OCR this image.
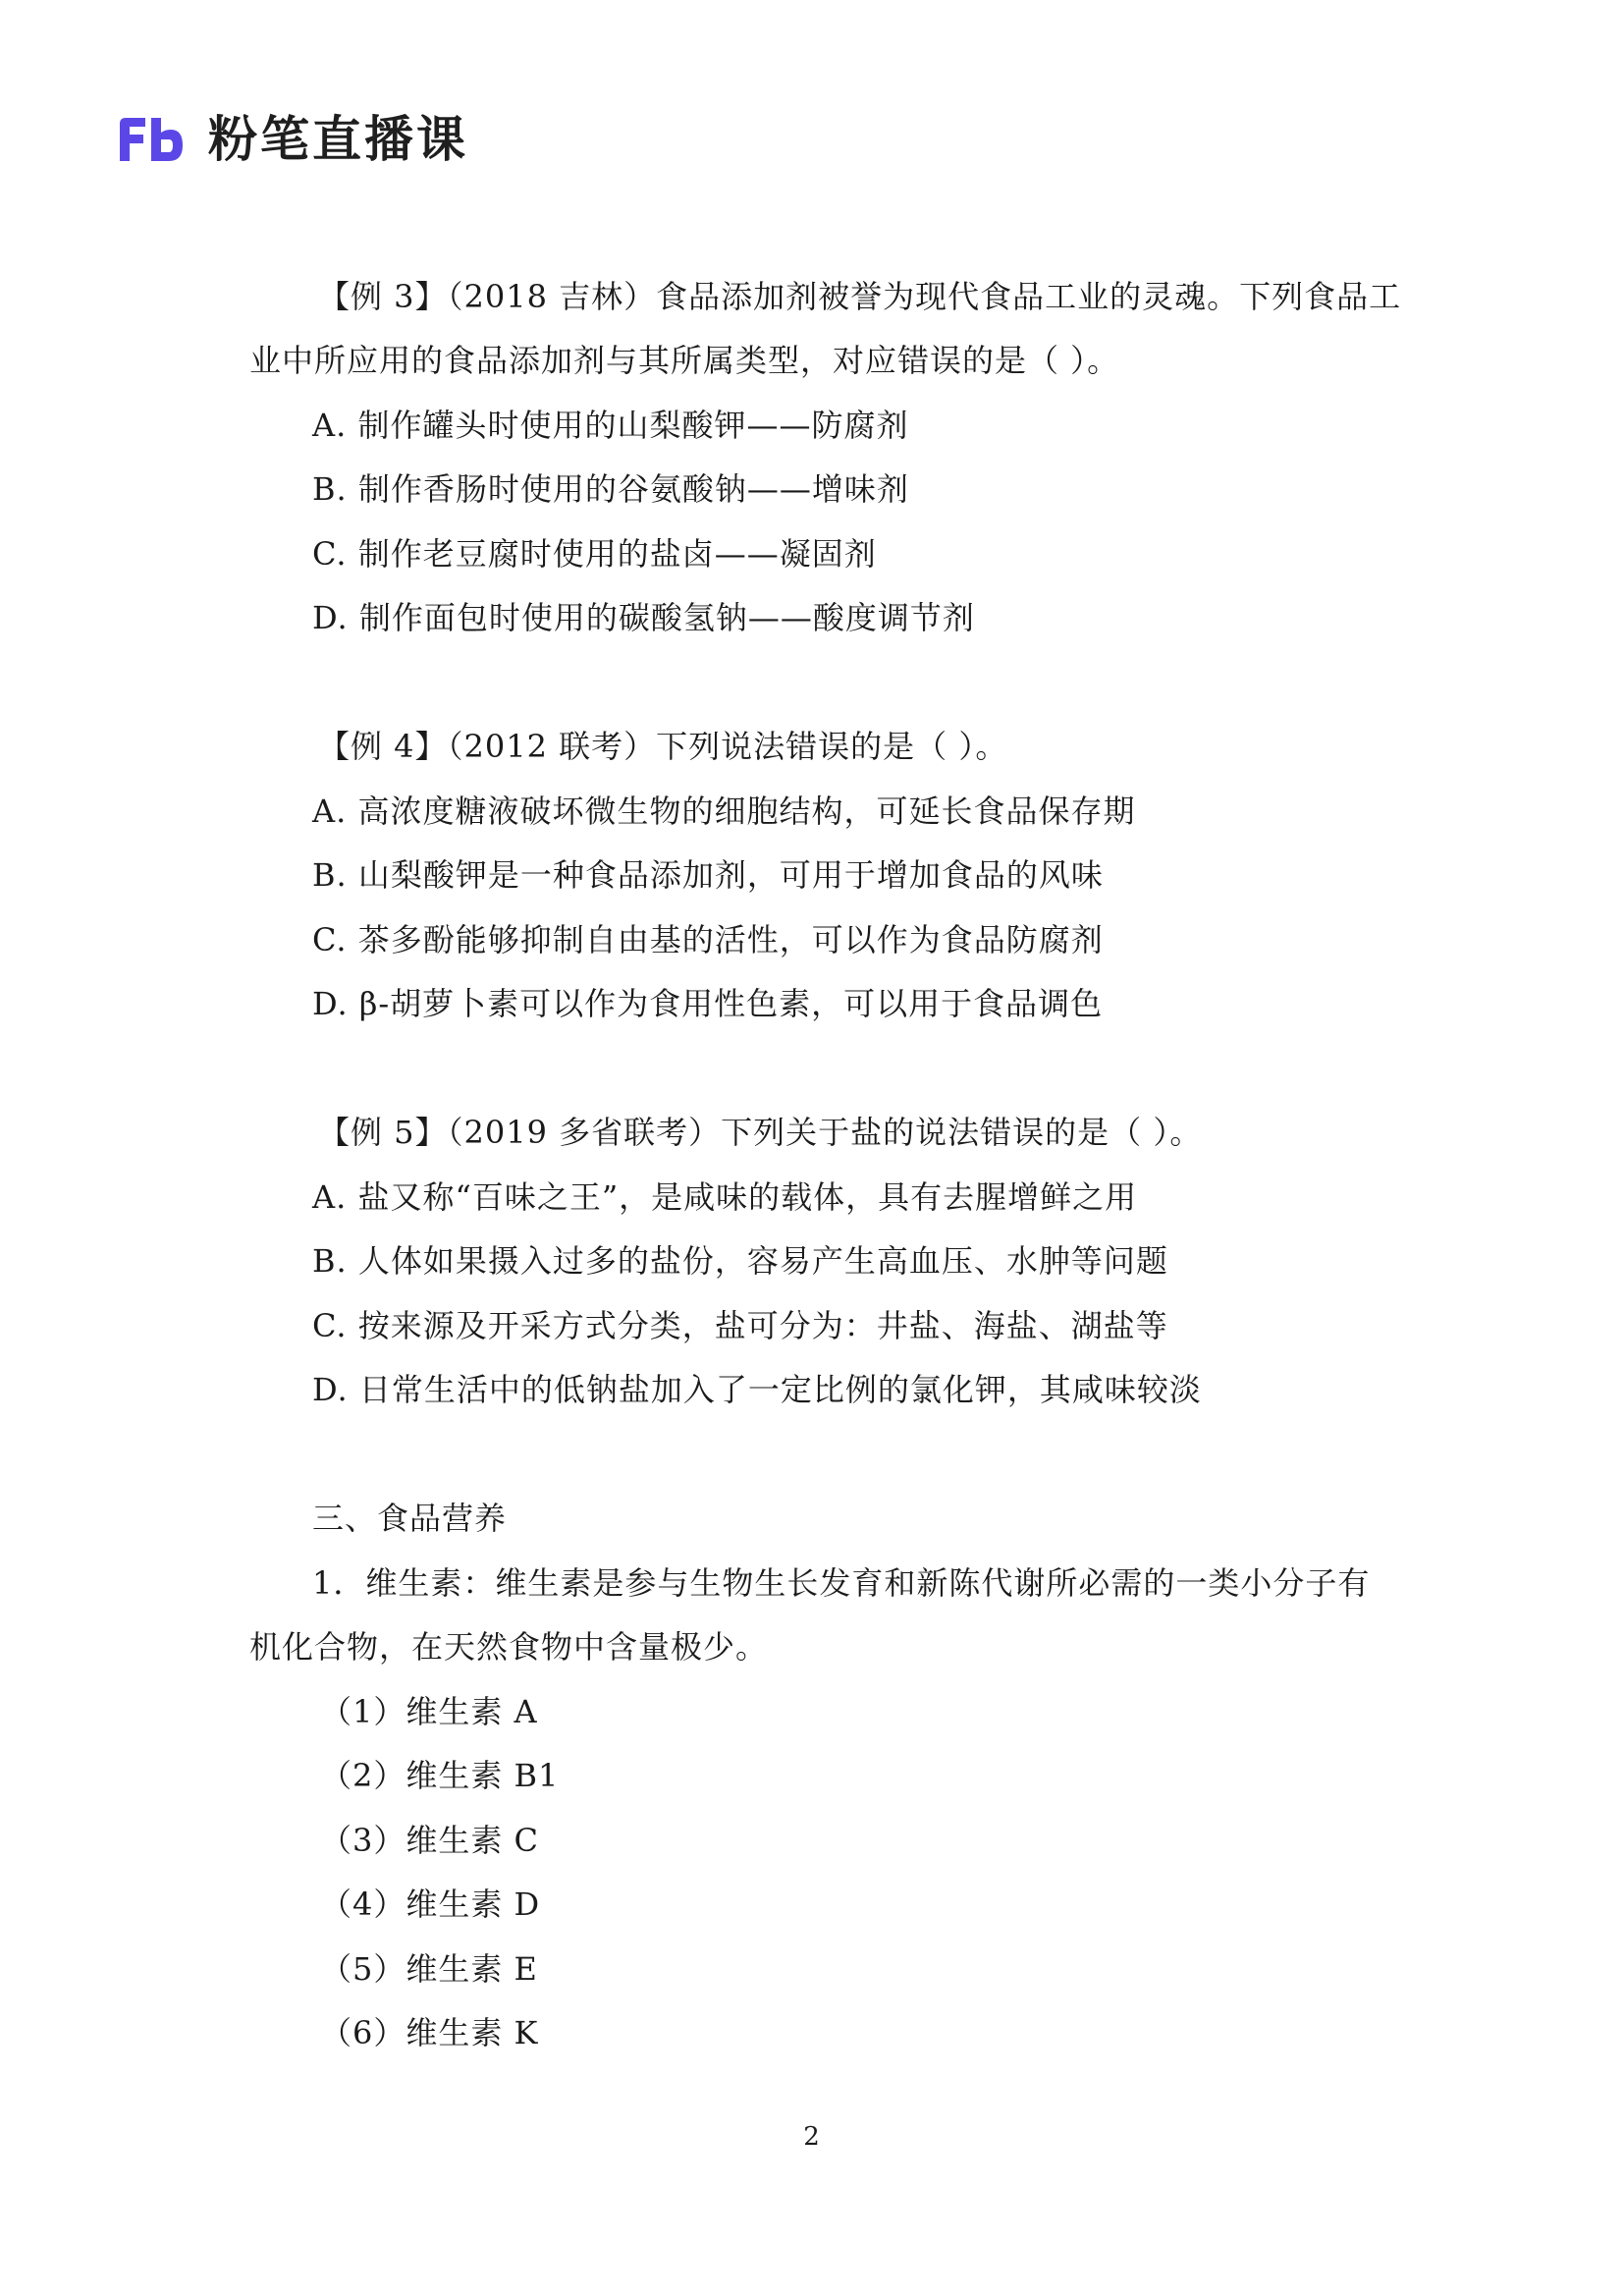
粉笔直播课
【例 3】（2018 吉林）食品添加剂被誉为现代食品工业的灵魂。下列食品工
业中所应用的食品添加剂与其所属类型，对应错误的是（ ）。
A. 制作罐头时使用的山梨酸钾——防腐剂
B. 制作香肠时使用的谷氨酸钠——增味剂
C. 制作老豆腐时使用的盐卤——凝固剂
D. 制作面包时使用的碳酸氢钠——酸度调节剂
【例 4】（2012 联考）下列说法错误的是（ ）。
A. 高浓度糖液破坏微生物的细胞结构，可延长食品保存期
B. 山梨酸钾是一种食品添加剂，可用于增加食品的风味
C. 茶多酚能够抑制自由基的活性，可以作为食品防腐剂
D. β-胡萝卜素可以作为食用性色素，可以用于食品调色
【例 5】（2019 多省联考）下列关于盐的说法错误的是（ ）。
A. 盐又称“百味之王”，是咸味的载体，具有去腥增鲜之用
B. 人体如果摄入过多的盐份，容易产生高血压、水肿等问题
C. 按来源及开采方式分类，盐可分为：井盐、海盐、湖盐等
D. 日常生活中的低钠盐加入了一定比例的氯化钾，其咸味较淡
三、食品营养
1．维生素：维生素是参与生物生长发育和新陈代谢所必需的一类小分子有
机化合物，在天然食物中含量极少。
（1）维生素 A
（2）维生素 B1
（3）维生素 C
（4）维生素 D
（5）维生素 E
（6）维生素 K
2
